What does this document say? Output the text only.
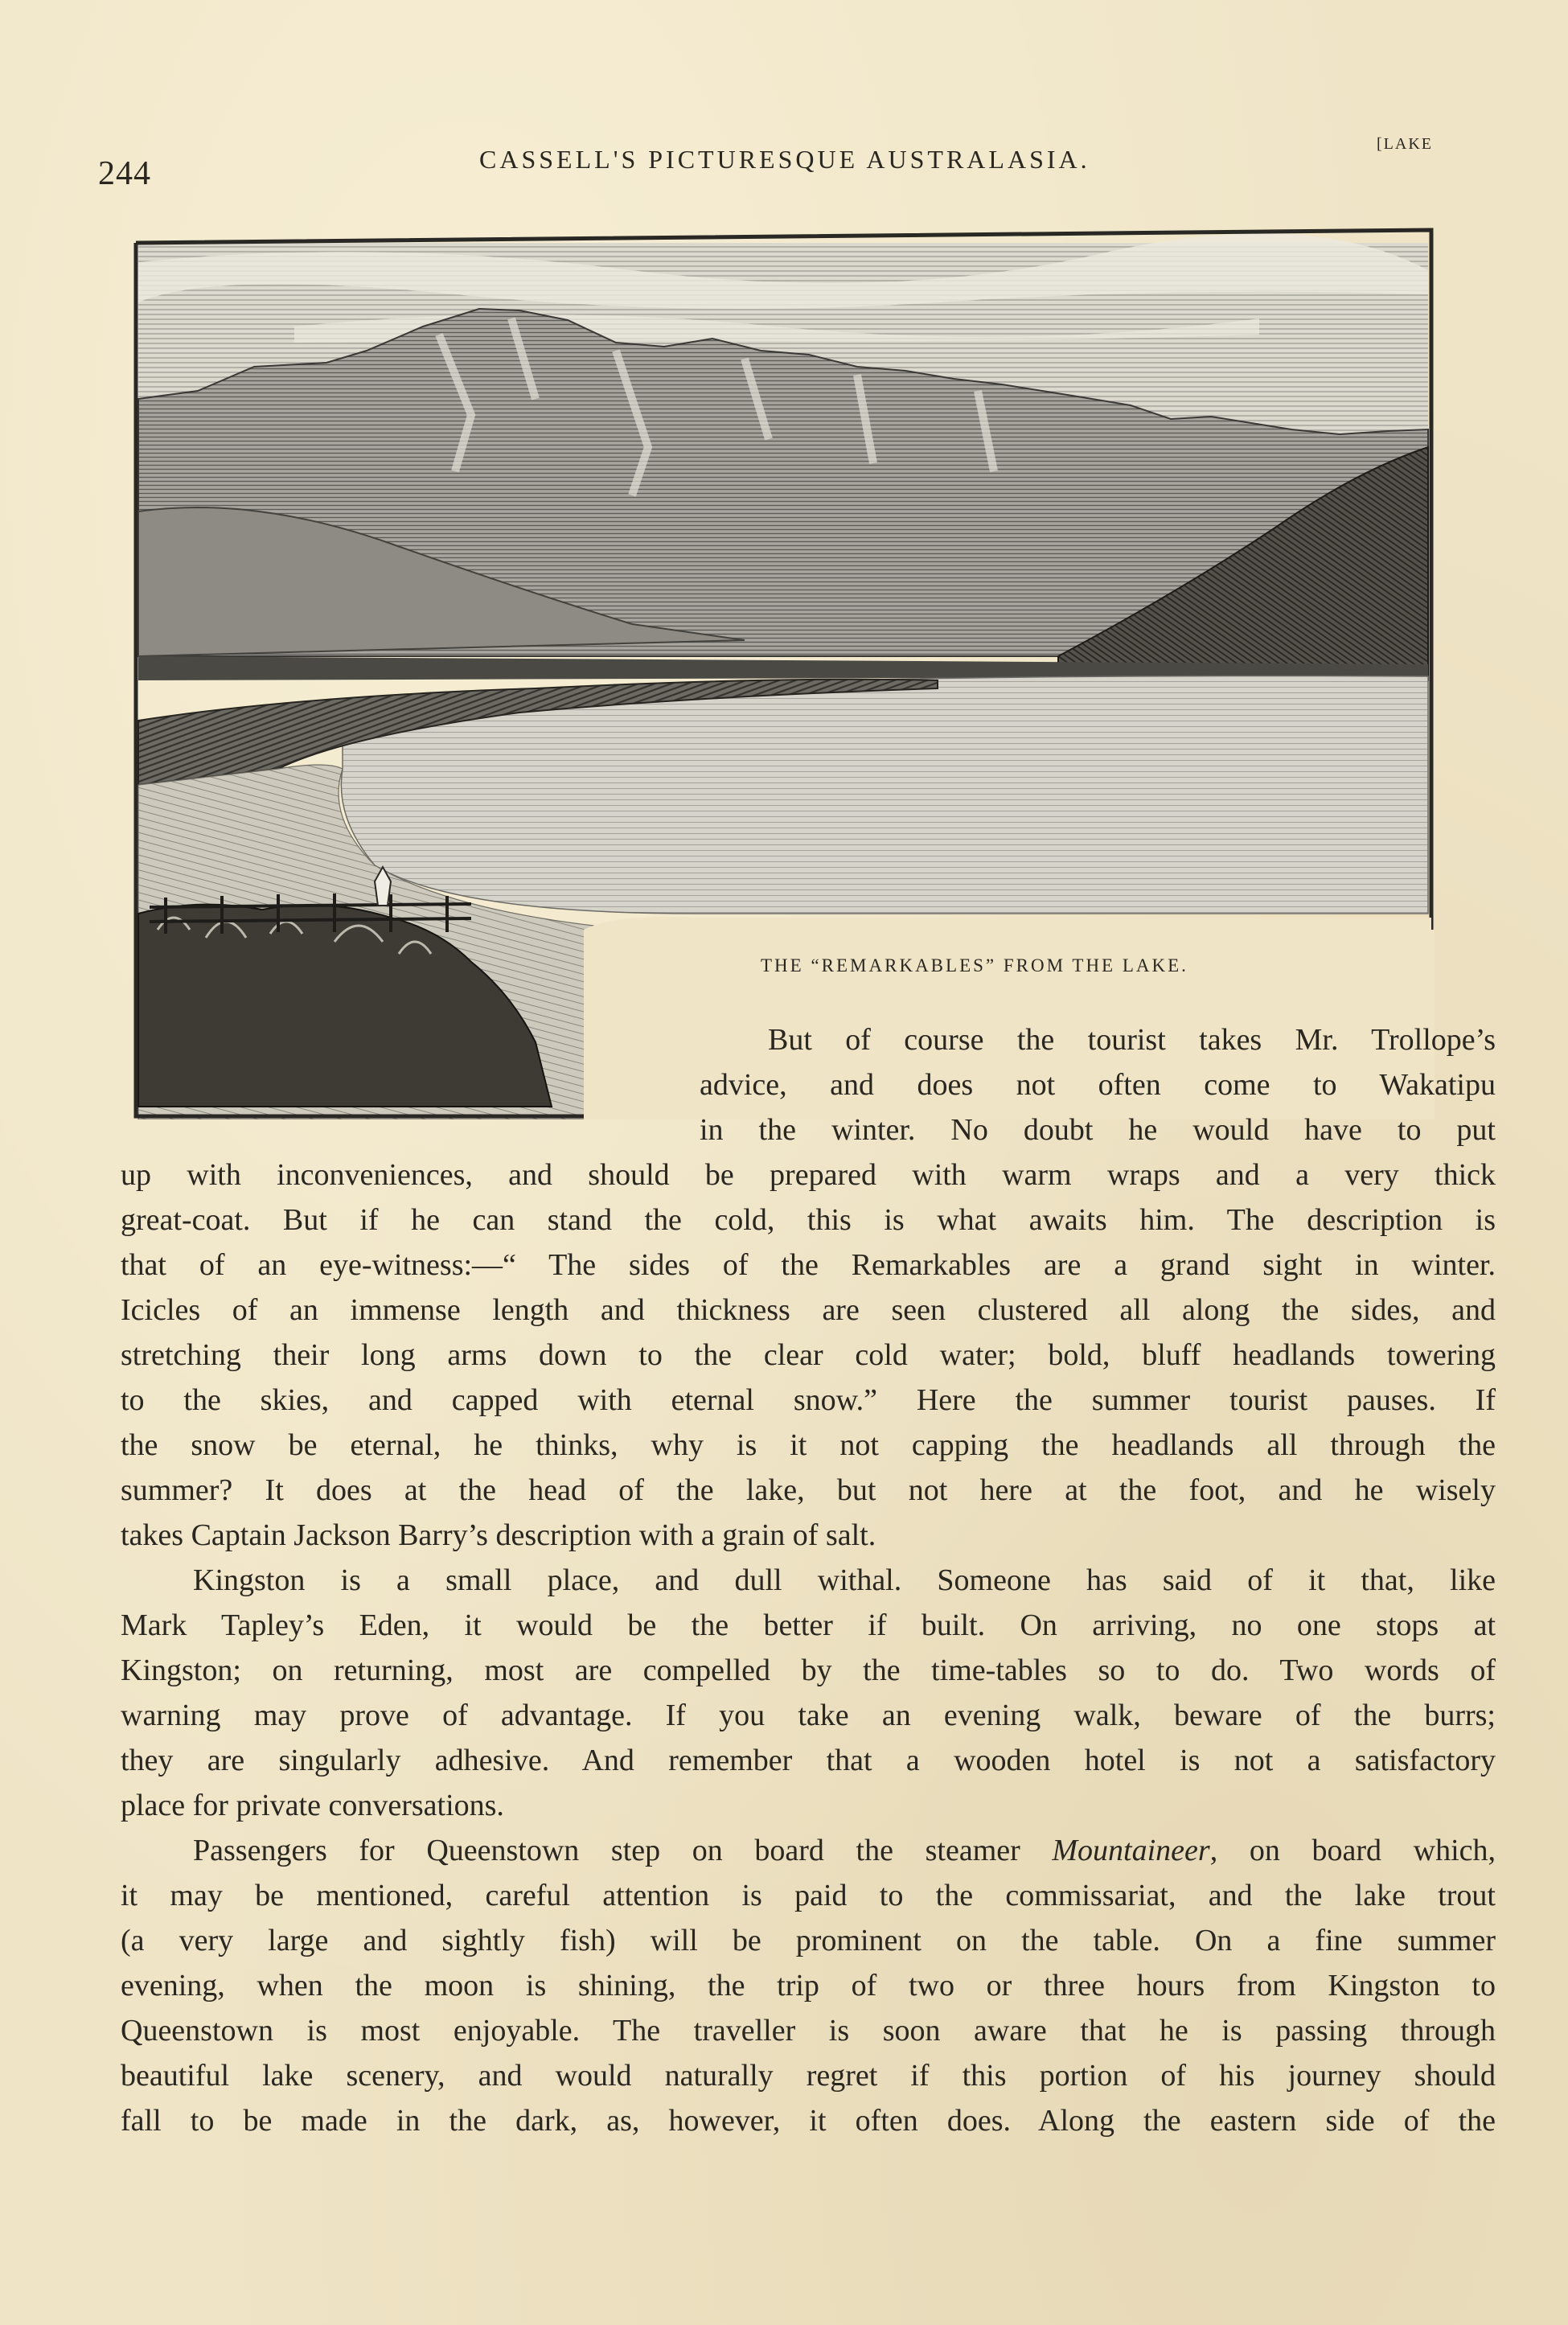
244	CASSELL'S PICTURESQUE AUSTRALASIA.
[LAKE
THE “REMARKABLES” FROM THE LAKE.
But of course the tourist takes Mr. Trollope’s
advice, and does not often come to Wakatipu
in the winter. No doubt he would have to put
up with inconveniences, and should be prepared with warm wraps and a very thick
great-coat. But if he can stand the cold, this is what awaits him. The description is
that of an eye-witness:—“ The sides of the Remarkables are a grand sight in winter.
Icicles of an immense length and thickness are seen clustered all along the sides, and
stretching their long arms down to the clear cold water; bold, bluff headlands towering
to the skies, and capped with eternal snow.” Here the summer tourist pauses. If
the snow be eternal, he thinks, why is it not capping the headlands all through the
summer? It does at the head of the lake, but not here at the foot, and he wisely
takes Captain Jackson Barry’s description with a grain of salt.
Kingston is a small place, and dull withal. Someone has said of it that, like
Mark Tapley’s Eden, it would be the better if built. On arriving, no one stops at
Kingston; on returning, most are compelled by the time-tables so to do. Two words of
warning may prove of advantage. If you take an evening walk, beware of the burrs;
they are singularly adhesive. And remember that a wooden hotel is not a satisfactory
place for private conversations.
Passengers for Queenstown step on board the steamer Mountaineer, on board which,
it may be mentioned, careful attention is paid to the commissariat, and the lake trout
(a very large and sightly fish) will be prominent on the table. On a fine summer
evening, when the moon is shining, the trip of two or three hours from Kingston to
Queenstown is most enjoyable. The traveller is soon aware that he is passing through
beautiful lake scenery, and would naturally regret if this portion of his journey should
fall to be made in the dark, as, however, it often does. Along the eastern side of the
